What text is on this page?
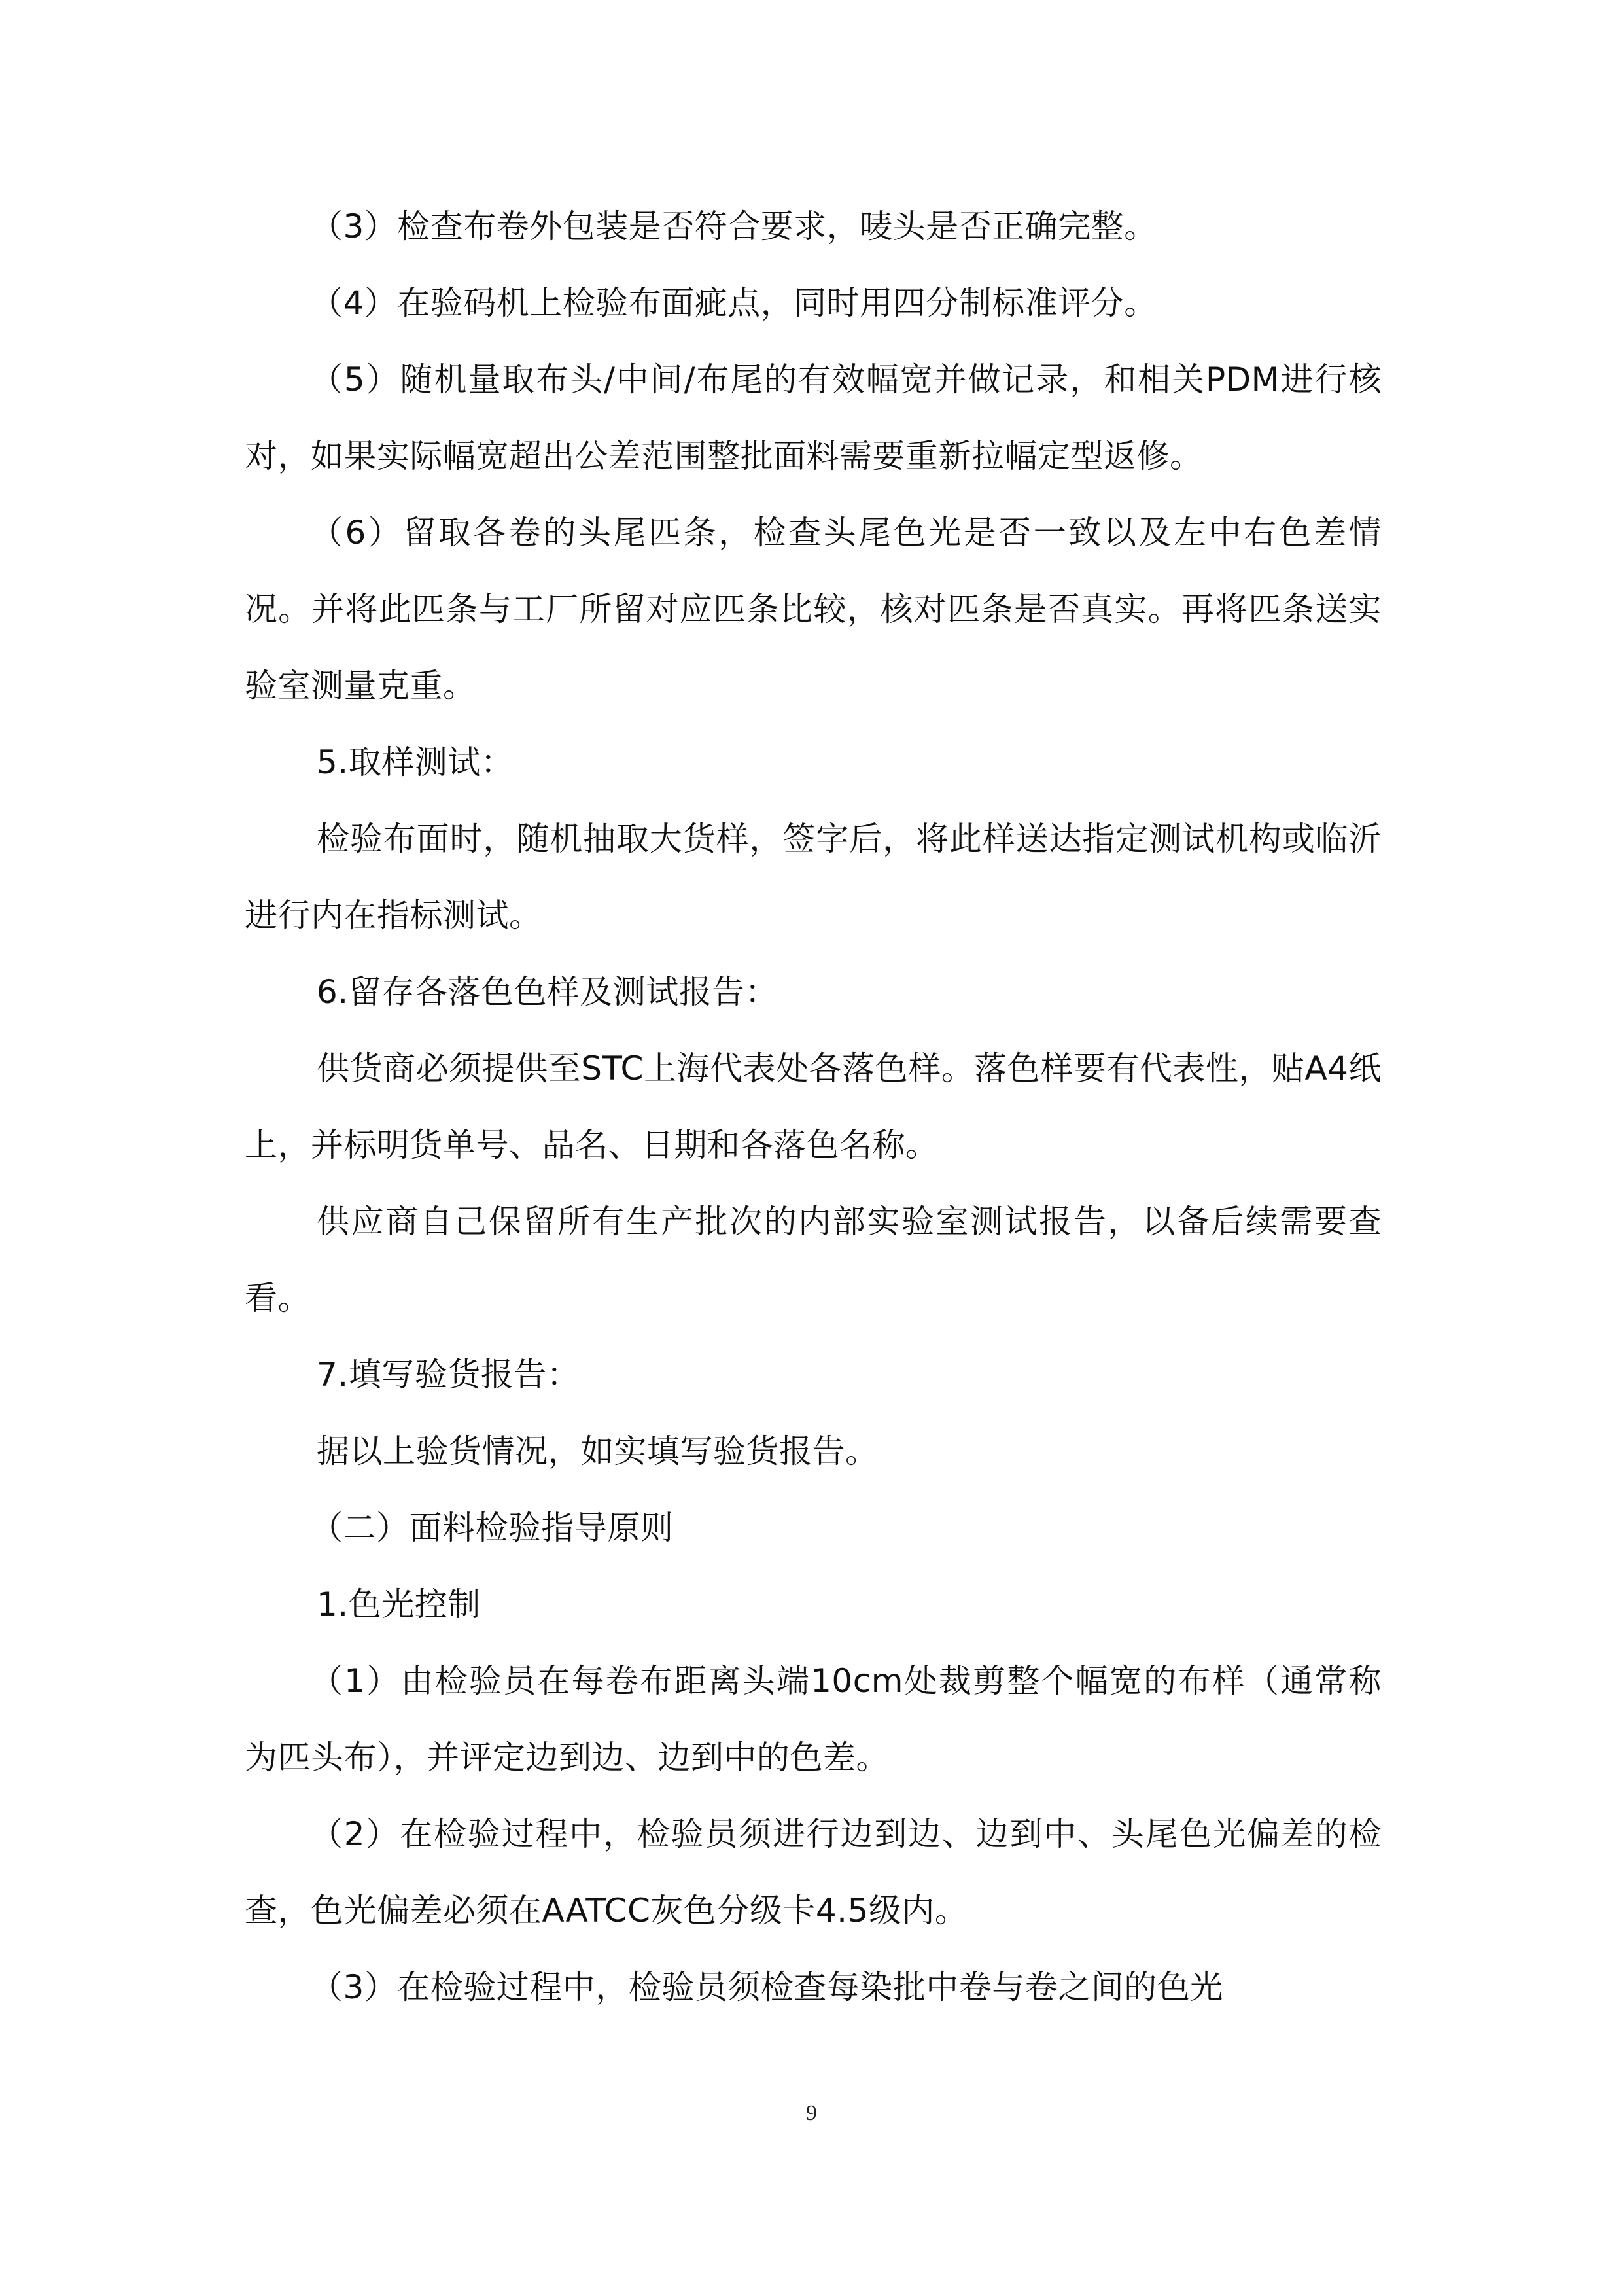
（3）检查布卷外包装是否符合要求，唛头是否正确完整。

（4）在验码机上检验布面疵点，同时用四分制标准评分。

（5）随机量取布头/中间/布尾的有效幅宽并做记录，和相关PDM进行核对，如果实际幅宽超出公差范围整批面料需要重新拉幅定型返修。

（6）留取各卷的头尾匹条，检查头尾色光是否一致以及左中右色差情况。并将此匹条与工厂所留对应匹条比较，核对匹条是否真实。再将匹条送实验室测量克重。

5.取样测试：

检验布面时，随机抽取大货样，签字后，将此样送达指定测试机构或临沂进行内在指标测试。

6.留存各落色色样及测试报告：

供货商必须提供至STC上海代表处各落色样。落色样要有代表性，贴A4纸上，并标明货单号、品名、日期和各落色名称。

供应商自己保留所有生产批次的内部实验室测试报告，以备后续需要查看。

7.填写验货报告：

据以上验货情况，如实填写验货报告。

（二）面料检验指导原则

1.色光控制

（1）由检验员在每卷布距离头端10cm处裁剪整个幅宽的布样（通常称为匹头布），并评定边到边、边到中的色差。

（2）在检验过程中，检验员须进行边到边、边到中、头尾色光偏差的检查，色光偏差必须在AATCC灰色分级卡4.5级内。

（3）在检验过程中，检验员须检查每染批中卷与卷之间的色光

9
